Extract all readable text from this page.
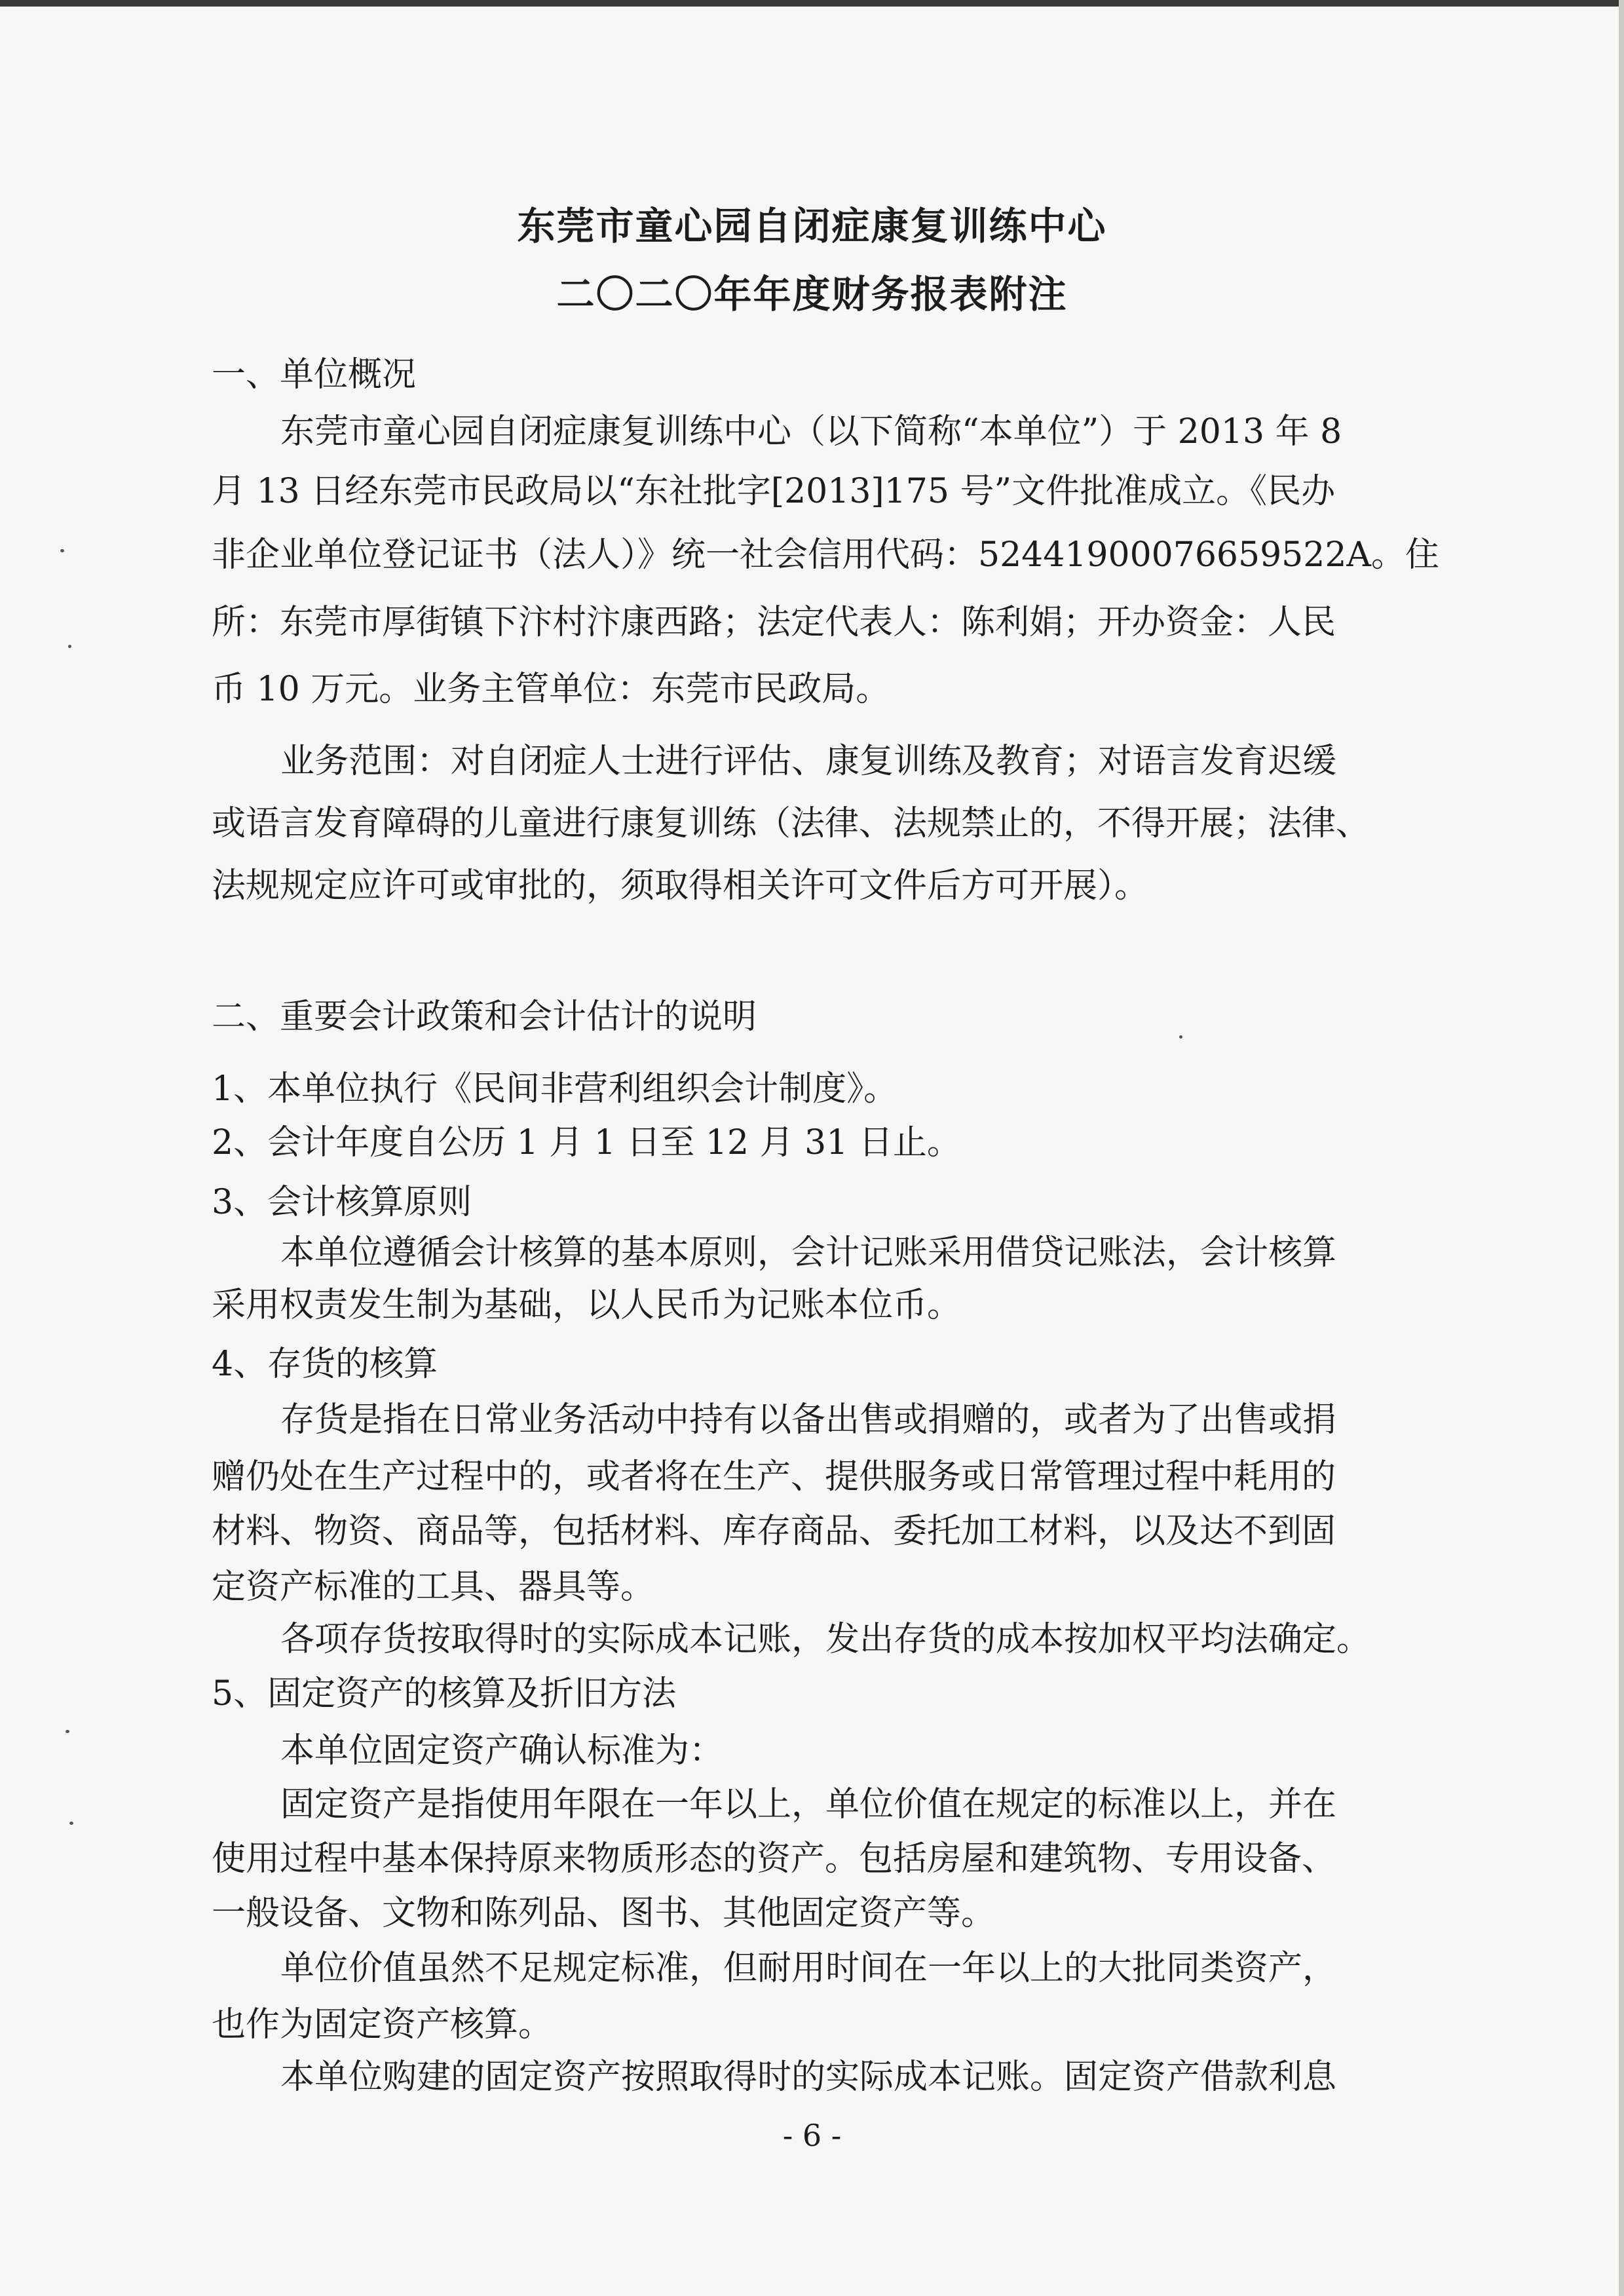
东莞市童心园自闭症康复训练中心
二〇二〇年年度财务报表附注
一、单位概况
东莞市童心园自闭症康复训练中心（以下简称“本单位”）于 2013 年 8
月 13 日经东莞市民政局以“东社批字[2013]175 号”文件批准成立。《民办
非企业单位登记证书（法人）》统一社会信用代码：52441900076659522A。住
所：东莞市厚街镇下汴村汴康西路；法定代表人：陈利娟；开办资金：人民
币 10 万元。业务主管单位：东莞市民政局。
业务范围：对自闭症人士进行评估、康复训练及教育；对语言发育迟缓
或语言发育障碍的儿童进行康复训练（法律、法规禁止的，不得开展；法律、
法规规定应许可或审批的，须取得相关许可文件后方可开展）。
二、重要会计政策和会计估计的说明
1、本单位执行《民间非营利组织会计制度》。
2、会计年度自公历 1 月 1 日至 12 月 31 日止。
3、会计核算原则
本单位遵循会计核算的基本原则，会计记账采用借贷记账法，会计核算
采用权责发生制为基础，以人民币为记账本位币。
4、存货的核算
存货是指在日常业务活动中持有以备出售或捐赠的，或者为了出售或捐
赠仍处在生产过程中的，或者将在生产、提供服务或日常管理过程中耗用的
材料、物资、商品等，包括材料、库存商品、委托加工材料，以及达不到固
定资产标准的工具、器具等。
各项存货按取得时的实际成本记账，发出存货的成本按加权平均法确定。
5、固定资产的核算及折旧方法
本单位固定资产确认标准为：
固定资产是指使用年限在一年以上，单位价值在规定的标准以上，并在
使用过程中基本保持原来物质形态的资产。包括房屋和建筑物、专用设备、
一般设备、文物和陈列品、图书、其他固定资产等。
单位价值虽然不足规定标准，但耐用时间在一年以上的大批同类资产，
也作为固定资产核算。
本单位购建的固定资产按照取得时的实际成本记账。固定资产借款利息
- 6 -
